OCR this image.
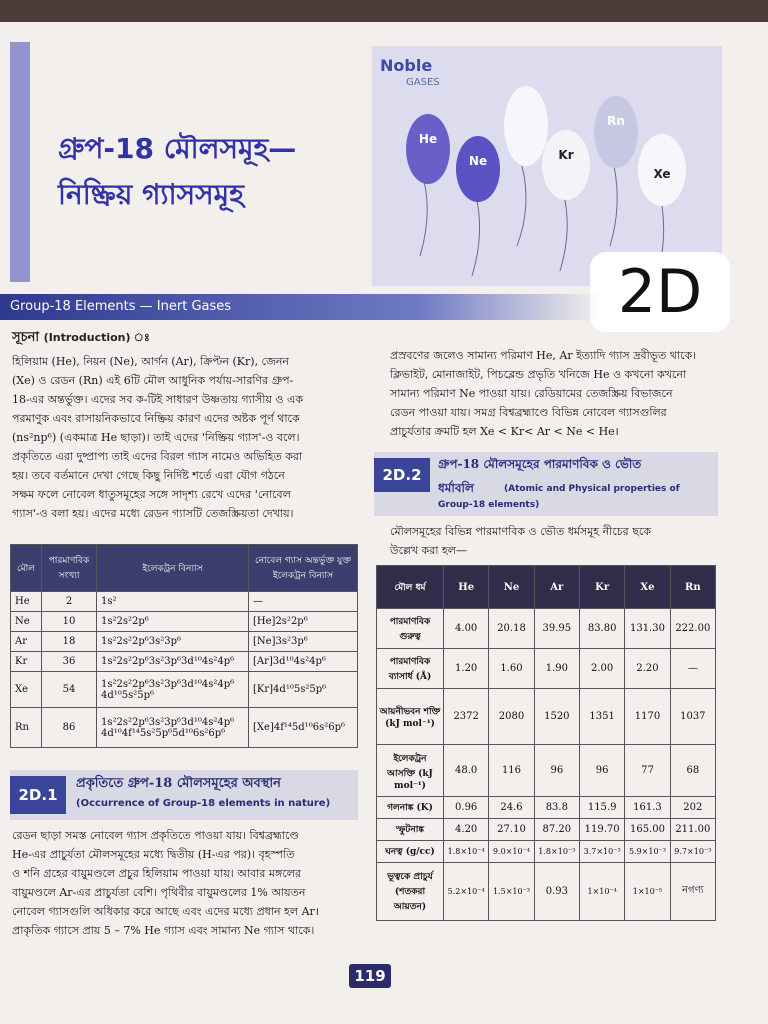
গ্রুপ-18 মৌলসমূহ—
নিষ্ক্রিয় গ্যাসসমূহ
Noble
GASES
He
Ne	Kr
Rn
Xe
2D
Group-18 Elements — Inert Gases
সূচনা (Introduction) ঃ
হিলিয়াম (He), নিয়ন (Ne), আর্গন (Ar), ক্রিপ্টন (Kr), জেনন
(Xe) ও রেডন (Rn) এই 6টি মৌল আধুনিক পর্যায়-সারণির গ্রুপ-
18-এর অন্তর্ভুক্ত। এদের সব ক-টিই সাধারণ উষ্ণতায় গ্যাসীয় ও এক
পরমাণুক এবং রাসায়নিকভাবে নিষ্ক্রিয় কারণ এদের অষ্টক পূর্ণ থাকে
(ns²np⁶) (একমাত্র He ছাড়া)। তাই এদের 'নিষ্ক্রিয় গ্যাস'-ও বলে।
প্রকৃতিতে এরা দুষ্প্রাপ্য তাই এদের বিরল গ্যাস নামেও অভিহিত করা
হয়। তবে বর্তমানে দেখা গেছে কিছু নির্দিষ্ট শর্তে এরা যৌগ গঠনে
সক্ষম ফলে নোবেল ধাতুসমূহের সঙ্গে সাদৃশ্য রেখে এদের 'নোবেল
গ্যাস'-ও বলা হয়। এদের মধ্যে রেডন গ্যাসটি তেজস্ক্রিয়তা দেখায়।
মৌল	পারমাণবিক সংখ্যা	ইলেকট্রন বিন্যাস	নোবেল গ্যাস অন্তর্ভুক্ত যুক্ত ইলেকট্রন বিন্যাস
He	2	1s²	—
Ne	10	1s²2s²2p⁶	[He]2s²2p⁶
Ar	18	1s²2s²2p⁶3s²3p⁶	[Ne]3s²3p⁶
Kr	36	1s²2s²2p⁶3s²3p⁶3d¹⁰4s²4p⁶	[Ar]3d¹⁰4s²4p⁶
Xe	54	1s²2s²2p⁶3s²3p⁶3d¹⁰4s²4p⁶ 4d¹⁰5s²5p⁶	[Kr]4d¹⁰5s²5p⁶
Rn	86	1s²2s²2p⁶3s²3p⁶3d¹⁰4s²4p⁶ 4d¹⁰4f¹⁴5s²5p⁶5d¹⁰6s²6p⁶	[Xe]4f¹⁴5d¹⁰6s²6p⁶
2D.1
প্রকৃতিতে গ্রুপ-18 মৌলসমূহের অবস্থান
(Occurrence of Group-18 elements in nature)
রেডন ছাড়া সমস্ত নোবেল গ্যাস প্রকৃতিতে পাওয়া যায়। বিশ্বব্রহ্মাণ্ডে
He-এর প্রাচুর্যতা মৌলসমূহের মধ্যে দ্বিতীয় (H-এর পর)। বৃহস্পতি
ও শনি গ্রহের বায়ুমণ্ডলে প্রচুর হিলিয়াম পাওয়া যায়। আবার মঙ্গলের
বায়ুমণ্ডলে Ar-এর প্রাচুর্যতা বেশি। পৃথিবীর বায়ুমণ্ডলের 1% আয়তন
নোবেল গ্যাসগুলি অধিকার করে আছে এবং এদের মধ্যে প্রধান হল Ar।
প্রাকৃতিক গ্যাসে প্রায় 5 – 7% He গ্যাস এবং সামান্য Ne গ্যাস থাকে।
প্রস্রবণের জলেও সামান্য পরিমাণ He, Ar ইত্যাদি গ্যাস দ্রবীভূত থাকে।
ক্লিভাইট, মোনাজাইট, পিচব্লেন্ড প্রভৃতি খনিজে He ও কখনো কখনো
সামান্য পরিমাণ Ne পাওয়া যায়। রেডিয়ামের তেজস্ক্রিয় বিভাজনে
রেডন পাওয়া যায়। সমগ্র বিশ্বব্রহ্মাণ্ডে বিভিন্ন নোবেল গ্যাসগুলির
প্রাচুর্যতার ক্রমটি হল Xe < Kr< Ar < Ne < He।
2D.2
গ্রুপ-18 মৌলসমূহের পারমাণবিক ও ভৌত
ধর্মাবলি	(Atomic and Physical properties of
Group-18 elements)
মৌলসমূহের বিভিন্ন পারমাণবিক ও ভৌত ধর্মসমূহ নীচের ছকে
উল্লেখ করা হল—
মৌল ধর্ম	He	Ne	Ar	Kr	Xe	Rn
পারমাণবিক গুরুত্ব	4.00	20.18	39.95	83.80	131.30	222.00
পারমাণবিক ব্যাসার্ধ (Å)	1.20	1.60	1.90	2.00	2.20	—
আয়নীভবন শক্তি (kJ mol⁻¹)	2372	2080	1520	1351	1170	1037
ইলেকট্রন আসক্তি (kJ mol⁻¹)	48.0	116	96	96	77	68
গলনাঙ্ক (K)	0.96	24.6	83.8	115.9	161.3	202
স্ফুটনাঙ্ক	4.20	27.10	87.20	119.70	165.00	211.00
ঘনত্ব (g/cc)	1.8×10⁻⁴	9.0×10⁻⁴	1.8×10⁻³	3.7×10⁻³	5.9×10⁻³	9.7×10⁻³
ভূত্বকে প্রাচুর্য (শতকরা আয়তন)	5.2×10⁻⁴	1.5×10⁻³	0.93	1×10⁻⁴	1×10⁻⁵	নগণ্য
119
